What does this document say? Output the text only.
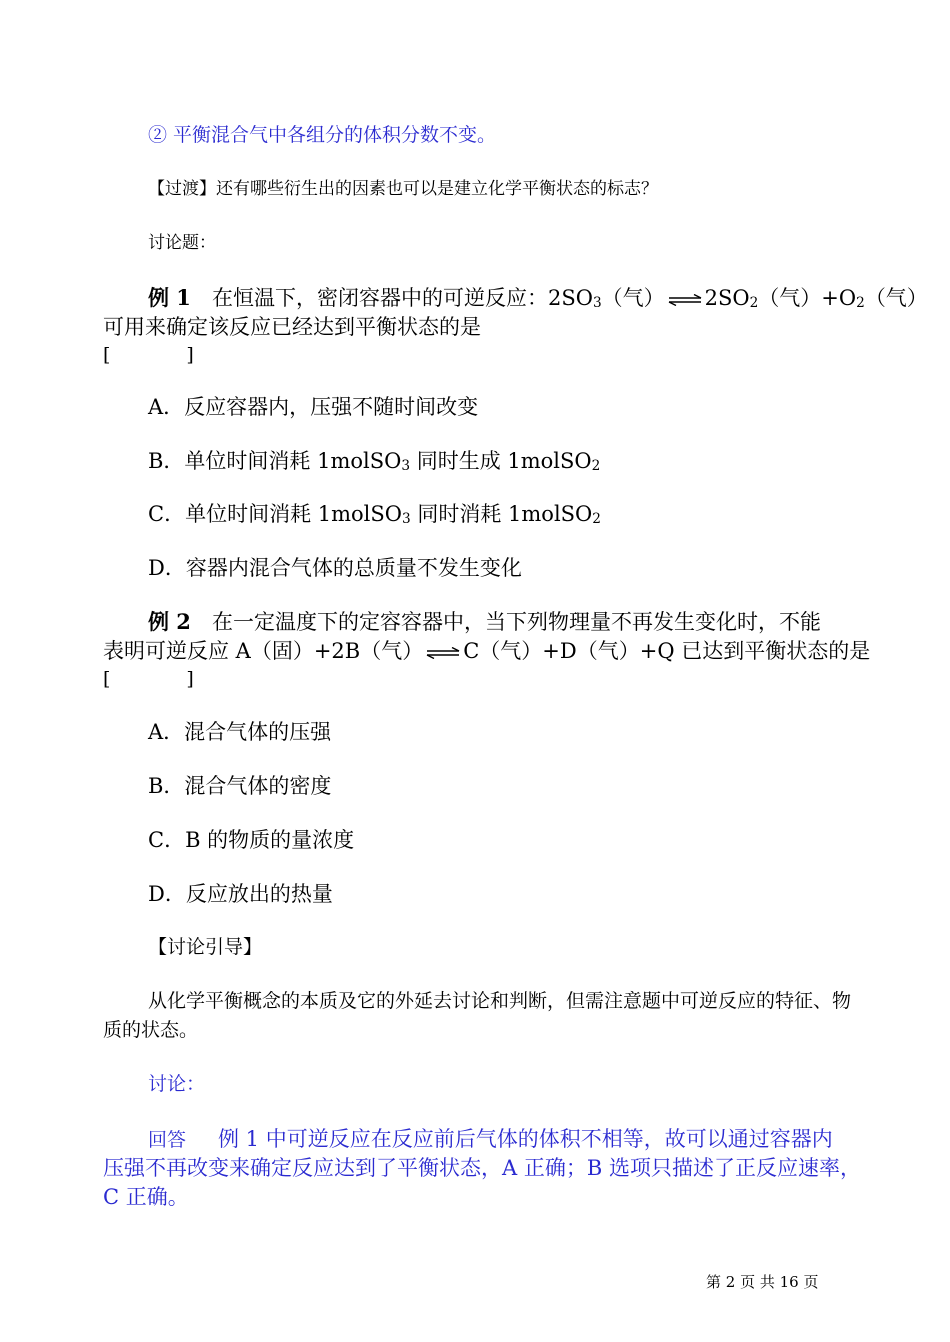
② 平衡混合气中各组分的体积分数不变。

【过渡】还有哪些衍生出的因素也可以是建立化学平衡状态的标志？

讨论题：

例 1 在恒温下，密闭容器中的可逆反应：$2SO_3$（气） ⇌ $2SO_2$（气）$+O_2$（气）

可用来确定该反应已经达到平衡状态的是

[　　　　]

A．反应容器内，压强不随时间改变

B．单位时间消耗 1molSO$_3$ 同时生成 1molSO$_2$

C．单位时间消耗 1molSO$_3$ 同时消耗 1molSO$_2$

D．容器内混合气体的总质量不发生变化

例 2 在一定温度下的定容容器中，当下列物理量不再发生变化时，不能

表明可逆反应 A（固）+2B（气） ⇌ C（气）+D（气）+Q 已达到平衡状态的是

[　　　　]

A．混合气体的压强

B．混合气体的密度

C．B 的物质的量浓度

D．反应放出的热量

【讨论引导】

从化学平衡概念的本质及它的外延去讨论和判断，但需注意题中可逆反应的特征、物

质的状态。

讨论：

回答 例 1 中可逆反应在反应前后气体的体积不相等，故可以通过容器内

压强不再改变来确定反应达到了平衡状态，A 正确；B 选项只描述了正反应速率，

C 正确。

第 2 页 共 16 页
